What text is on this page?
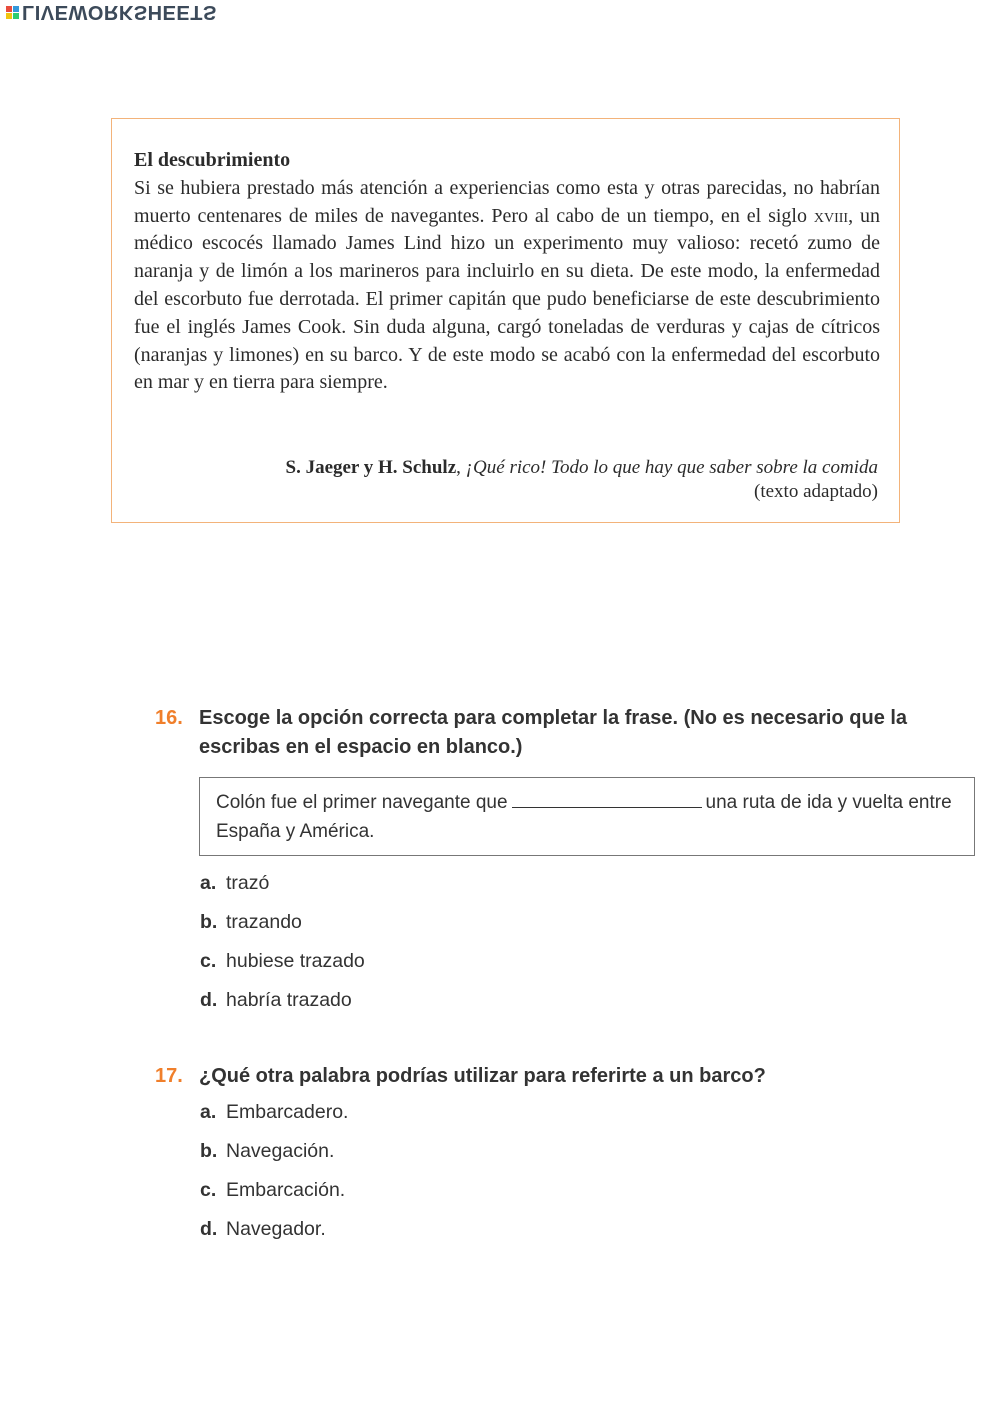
LIVEWORKSHEETS

El descubrimiento

Si se hubiera prestado más atención a experiencias como esta y otras parecidas, no habrían muerto centenares de miles de navegantes. Pero al cabo de un tiempo, en el siglo xviii, un médico escocés llamado James Lind hizo un experimento muy valioso: recetó zumo de naranja y de limón a los marineros para incluirlo en su dieta. De este modo, la enfermedad del escorbuto fue derrotada. El primer capitán que pudo beneficiarse de este descubrimiento fue el inglés James Cook. Sin duda alguna, cargó toneladas de verduras y cajas de cítricos (naranjas y limones) en su barco. Y de este modo se acabó con la enfermedad del escorbuto en mar y en tierra para siempre.

S. Jaeger y H. Schulz, ¡Qué rico! Todo lo que hay que saber sobre la comida
(texto adaptado)
16. Escoge la opción correcta para completar la frase. (No es necesario que la escribas en el espacio en blanco.)
Colón fue el primer navegante que	una ruta de ida y vuelta entre España y América.
a. trazó
b. trazando
c. hubiese trazado
d. habría trazado
17. ¿Qué otra palabra podrías utilizar para referirte a un barco?
a. Embarcadero.
b. Navegación.
c. Embarcación.
d. Navegador.
